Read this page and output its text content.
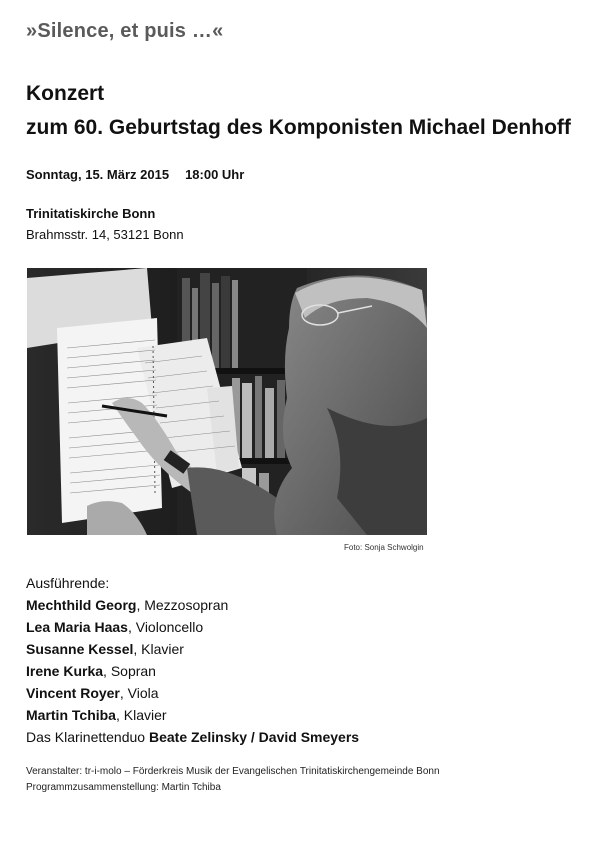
»Silence, et puis …«
Konzert
zum 60. Geburtstag des Komponisten Michael Denhoff
Sonntag, 15. März 2015 18:00 Uhr
Trinitatiskirche Bonn
Brahmsstr. 14, 53121 Bonn
Foto: Sonja Schwolgin
Ausführende:
Mechthild Georg, Mezzosopran
Lea Maria Haas, Violoncello
Susanne Kessel, Klavier
Irene Kurka, Sopran
Vincent Royer, Viola
Martin Tchiba, Klavier
Das Klarinettenduo Beate Zelinsky / David Smeyers
Veranstalter: tr-i-molo – Förderkreis Musik der Evangelischen Trinitatiskirchengemeinde Bonn
Programmzusammenstellung: Martin Tchiba
